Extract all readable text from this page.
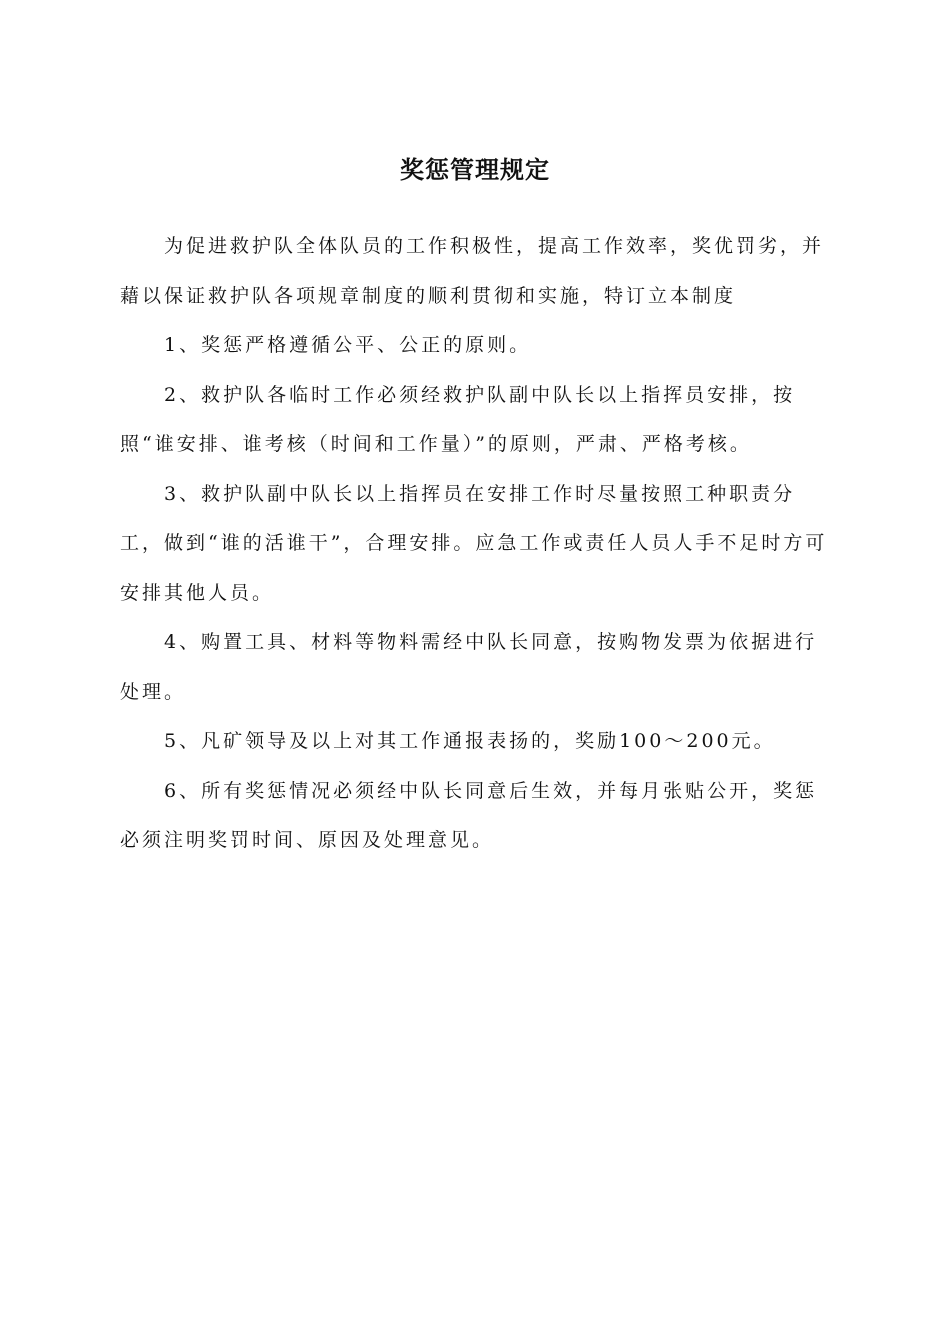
奖惩管理规定

为促进救护队全体队员的工作积极性，提高工作效率，奖优罚劣，并藉以保证救护队各项规章制度的顺利贯彻和实施，特订立本制度

1、奖惩严格遵循公平、公正的原则。

2、救护队各临时工作必须经救护队副中队长以上指挥员安排，按照“谁安排、谁考核（时间和工作量）”的原则，严肃、严格考核。

3、救护队副中队长以上指挥员在安排工作时尽量按照工种职责分工，做到“谁的活谁干”，合理安排。应急工作或责任人员人手不足时方可安排其他人员。

4、购置工具、材料等物料需经中队长同意，按购物发票为依据进行处理。

5、凡矿领导及以上对其工作通报表扬的，奖励100～200元。

6、所有奖惩情况必须经中队长同意后生效，并每月张贴公开，奖惩必须注明奖罚时间、原因及处理意见。
